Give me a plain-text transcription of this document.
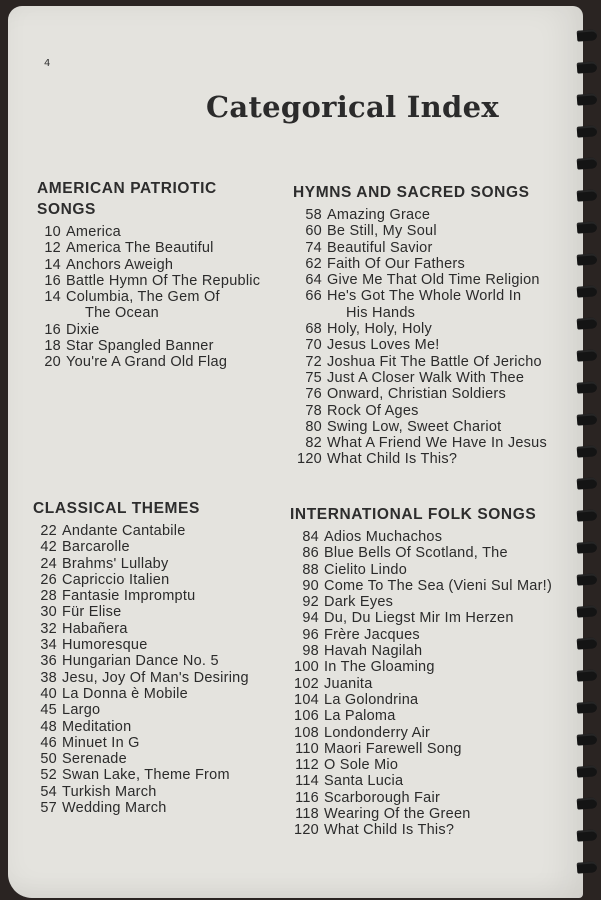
4
Categorical Index
AMERICAN PATRIOTIC
SONGS
10 America
12 America The Beautiful
14 Anchors Aweigh
16 Battle Hymn Of The Republic
14 Columbia, The Gem Of
The Ocean
16 Dixie
18 Star Spangled Banner
20 You're A Grand Old Flag
HYMNS AND SACRED SONGS
58 Amazing Grace
60 Be Still, My Soul
74 Beautiful Savior
62 Faith Of Our Fathers
64 Give Me That Old Time Religion
66 He's Got The Whole World In
His Hands
68 Holy, Holy, Holy
70 Jesus Loves Me!
72 Joshua Fit The Battle Of Jericho
75 Just A Closer Walk With Thee
76 Onward, Christian Soldiers
78 Rock Of Ages
80 Swing Low, Sweet Chariot
82 What A Friend We Have In Jesus
120 What Child Is This?
CLASSICAL THEMES
22 Andante Cantabile
42 Barcarolle
24 Brahms' Lullaby
26 Capriccio Italien
28 Fantasie Impromptu
30 Für Elise
32 Habañera
34 Humoresque
36 Hungarian Dance No. 5
38 Jesu, Joy Of Man's Desiring
40 La Donna è Mobile
45 Largo
48 Meditation
46 Minuet In G
50 Serenade
52 Swan Lake, Theme From
54 Turkish March
57 Wedding March
INTERNATIONAL FOLK SONGS
84 Adios Muchachos
86 Blue Bells Of Scotland, The
88 Cielito Lindo
90 Come To The Sea (Vieni Sul Mar!)
92 Dark Eyes
94 Du, Du Liegst Mir Im Herzen
96 Frère Jacques
98 Havah Nagilah
100 In The Gloaming
102 Juanita
104 La Golondrina
106 La Paloma
108 Londonderry Air
110 Maori Farewell Song
112 O Sole Mio
114 Santa Lucia
116 Scarborough Fair
118 Wearing Of the Green
120 What Child Is This?
